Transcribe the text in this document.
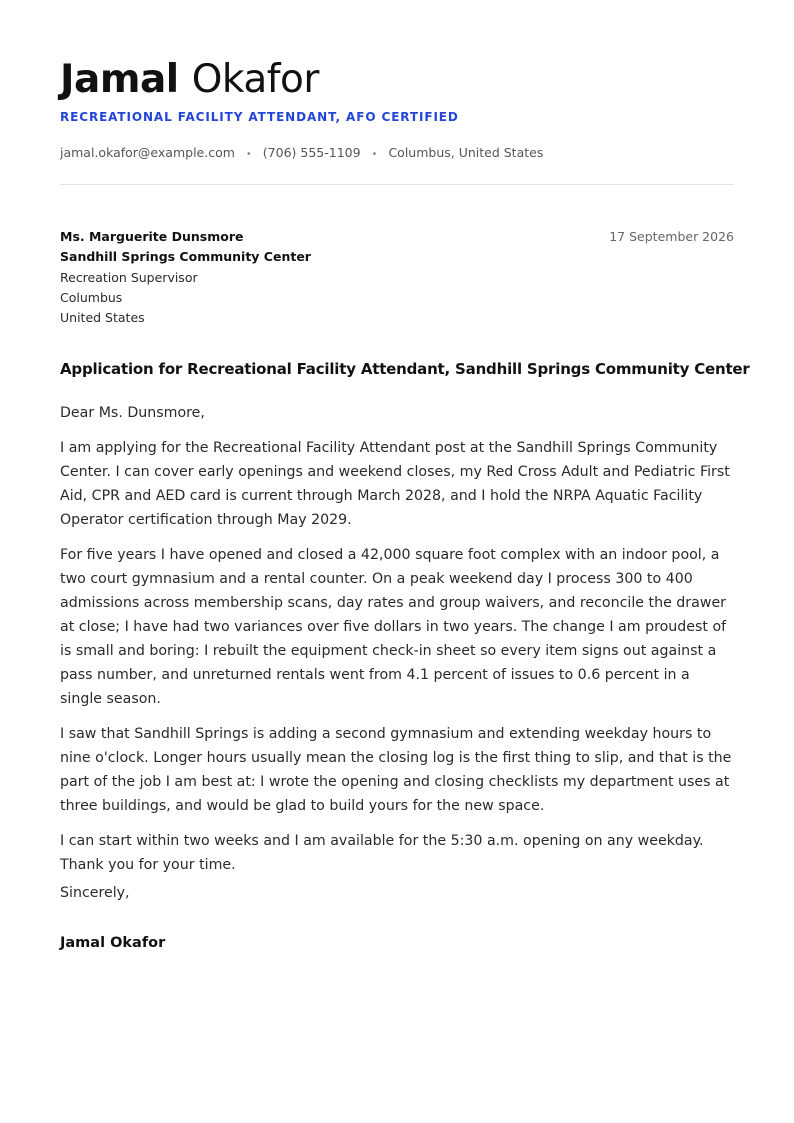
Jamal Okafor
RECREATIONAL FACILITY ATTENDANT, AFO CERTIFIED
jamal.okafor@example.com • (706) 555-1109 • Columbus, United States
Ms. Marguerite Dunsmore
Sandhill Springs Community Center
Recreation Supervisor
Columbus
United States
17 September 2026
Application for Recreational Facility Attendant, Sandhill Springs Community Center

Dear Ms. Dunsmore,

I am applying for the Recreational Facility Attendant post at the Sandhill Springs Community Center. I can cover early openings and weekend closes, my Red Cross Adult and Pediatric First Aid, CPR and AED card is current through March 2028, and I hold the NRPA Aquatic Facility Operator certification through May 2029.

For five years I have opened and closed a 42,000 square foot complex with an indoor pool, a two court gymnasium and a rental counter. On a peak weekend day I process 300 to 400 admissions across membership scans, day rates and group waivers, and reconcile the drawer at close; I have had two variances over five dollars in two years. The change I am proudest of is small and boring: I rebuilt the equipment check-in sheet so every item signs out against a pass number, and unreturned rentals went from 4.1 percent of issues to 0.6 percent in a single season.

I saw that Sandhill Springs is adding a second gymnasium and extending weekday hours to nine o'clock. Longer hours usually mean the closing log is the first thing to slip, and that is the part of the job I am best at: I wrote the opening and closing checklists my department uses at three buildings, and would be glad to build yours for the new space.

I can start within two weeks and I am available for the 5:30 a.m. opening on any weekday. Thank you for your time.

Sincerely,
Jamal Okafor
